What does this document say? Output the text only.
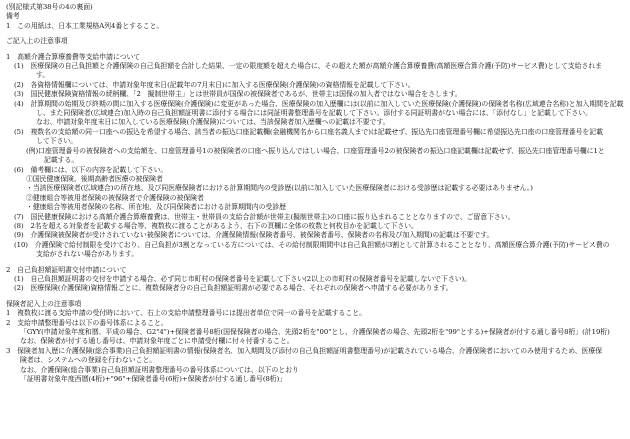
(別記様式第38号の4の裏面)
備考
1　この用紙は、日本工業規格A列4番とすること。
ご記入上の注意事項
1　高額介護合算療養費等支給申請について
(1)　医療保険の自己負担額と介護保険の自己負担額を合計した結果、一定の限度額を超えた場合に、その超えた額が高額介護合算療養費(高額医療合算介護(予防)サービス費)として支給されま
す。
(2)　各資格情報欄については、申請対象年度末日(記載年の7月末日)に加入する医療保険(介護保険)の資格情報を記載して下さい。
(3)　国民健康保険資格情報の続柄欄、「2　擬制世帯主」とは世帯員が国保の被保険者であるが、世帯主は国保の加入者ではない場合をさします。
(4)　計算期間の始期及び終期の間に加入する医療保険(介護保険)に変更があった場合、医療保険の加入歴欄には(以前に加入していた医療保険(介護保険)の保険者名称(広域連合名称)と加入期間を記載
し、また同保険者(広域連合)加入時の自己負担額証明書に添付する場合には同証明書整理番号を記載して下さい。添付する同証明書がない場合には、「添付なし」と記載して下さい。
なお、申請対象年度末日に加入している医療保険(介護保険)については、当該保険者加入歴欄への記載は不要です。
(5)　複数名の支給額の同一口座への振込を希望する場合、該当者の振込口座記載欄(金融機関名から口座名義人まで)は記載せず、振込先口座管理番号欄に希望振込先口座の口座管理番号を記載
して下さい。
(例)口座管理番号の被保険者への支給額を、口座管理番号1の被保険者の口座へ振り込んではしい場合、口座管理番号2の被保険者の振込口座記載欄は記載せず、振込先口座管理番号欄に1と
記載する。
(6)　備考欄には、以下の内容を記載して下さい。
①国民健康保険、後期高齢者医療の被保険者
・当該医療保険者(広域連合)の所在地、及び同医療保険者における計算期間内の受診歴(以前に加入していた医療保険者における受診歴は記載する必要はありません。)
②健康組合等被用者保険の被保険者で介護保険の被保険者
・健康組合等被用者保険の名称、所在地、及び同保険者における計算期間内の受診歴
(7)　国民健康保険における高額介護合算療養費は、世帯主・世帯員の支給合計額が世帯主(擬制世帯主)の口座に振り込まれることとなりますので、ご留意下さい。
(8)　2名を超える対象者を記載する場合等、複数枚に渡ることがあるよう、右下の頁欄に全体の枚数と何枚目かを記載して下さい。
(9)　介護保険被保険者が受けされていない被保険者については、介護保険情報(保険者番号、被保険者番号、保険者の名称及び加入期間)の記載は不要です。
(10)　介護保険で給付制限を受けており、自己負担が3割となっている方については、その給付制限期間中は自己負担額が3割として計算されることとなり、高額医療合算介護(予防)サービス費の
支給がされない場合があります。
2　自己負担額証明書交付申請について
(1)　自己負担額証明書の交付を申請する場合、必ず同じ市町村の保険者番号を記載して下さい(2以上の市町村の保険者番号を記載しないで下さい)。
(2)　医療保険(介護保険)資格情報ごとに、複数保険者分の自己負担額証明書が必要である場合、それぞれの保険者へ申請する必要があります。
保険者記入上の注意事項
1　複数枚に渡る支給申請の受付時において、右上の支給申請整理番号には提出者単位で同一の番号を記載すること。
2　支給申請整理番号は以下の番号体系によること。
「GYY(申請対象年度和暦、平成の場合、G2"4")+保険者番号8桁(国保保険者の場合、先頭2桁を"00"とし、介護保険者の場合、先頭2桁を"99"とする)+保険者が付する通し番号8桁」(計19桁)
なお、保険者が付する通し番号は、申請対象年度ごとに申請受付欄に付々付番すること。
3　保険者加入歴に介護保険(総合事業)自己負担額証明書の情報(保険者名、加入期間及び添付の自己負担額証明書整理番号)が記載されている場合、介護保険者においてのみ使用するため、医療保
険者は、システムへの登録を行わないこと。
なお、介護保険(総合事業)自己負担額証明書整理番号の番号体系については、以下のとおり
「証明書対象年度西暦(4桁)+"96"+保険者番号(6桁)+保険者が付する通し番号(8桁)」
